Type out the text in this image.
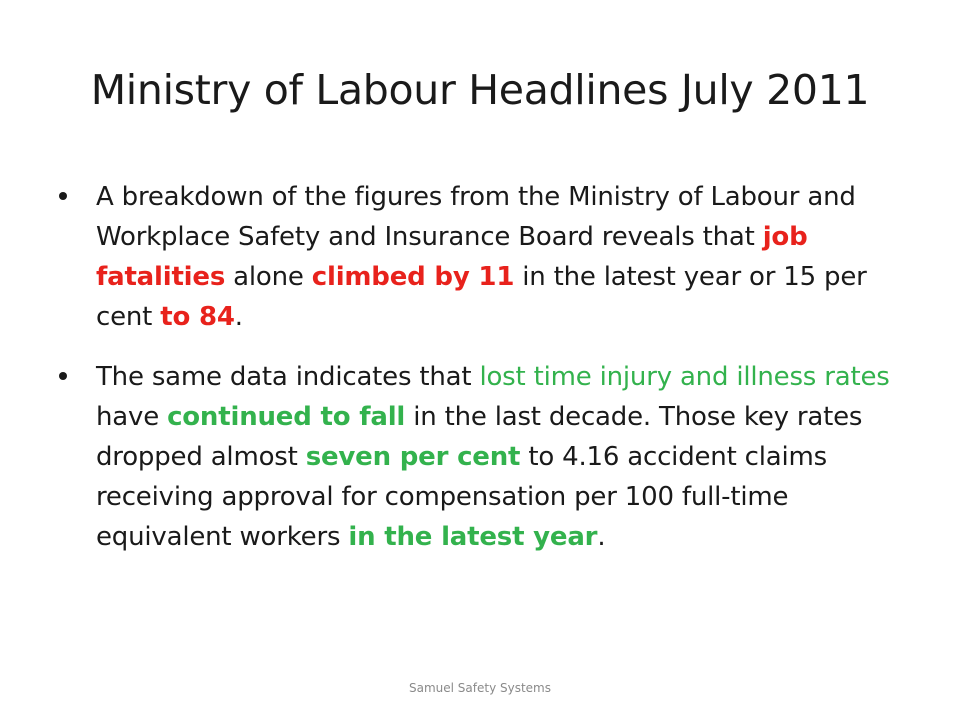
Ministry of Labour Headlines July 2011
A breakdown of the figures from the Ministry of Labour and Workplace Safety and Insurance Board reveals that job fatalities alone climbed by 11 in the latest year or 15 per cent to 84.
The same data indicates that lost time injury and illness rates have continued to fall in the last decade. Those key rates dropped almost seven per cent to 4.16 accident claims receiving approval for compensation per 100 full-time equivalent workers in the latest year.
Samuel Safety Systems
